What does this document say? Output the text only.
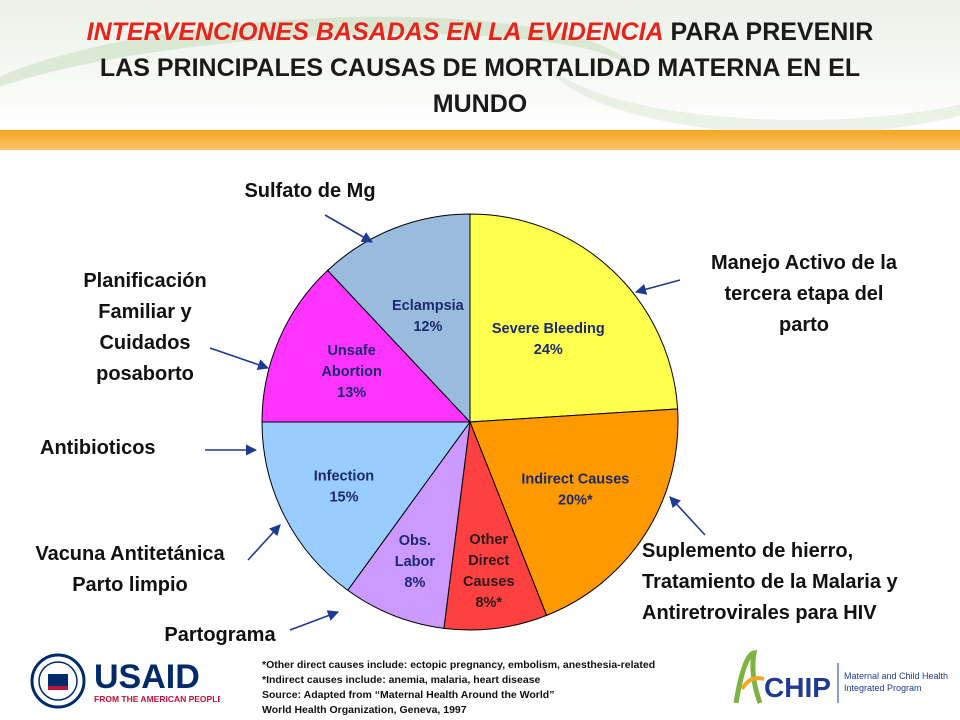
INTERVENCIONES BASADAS EN LA EVIDENCIA PARA PREVENIR
LAS PRINCIPALES CAUSAS DE MORTALIDAD MATERNA EN EL
MUNDO
Severe Bleeding 24%
Indirect Causes 20%*
Other Direct Causes 8%*
Obs. Labor 8%
Infection 15%
Unsafe Abortion 13%
Eclampsia 12%
Sulfato de Mg
Manejo Activo de la
tercera etapa del
parto
Planificación
Familiar y
Cuidados
posaborto
Antibioticos
Vacuna Antitetánica
Parto limpio
Suplemento de hierro,
Tratamiento de la Malaria y
Antiretrovirales para HIV
Partograma
*Other direct causes include: ectopic pregnancy, embolism, anesthesia-related
*Indirect causes include: anemia, malaria, heart disease
Source: Adapted from “Maternal Health Around the World”
World Health Organization, Geneva, 1997
USAID
FROM THE AMERICAN PEOPLE	CHIP Maternal and Child Health
Integrated Program
